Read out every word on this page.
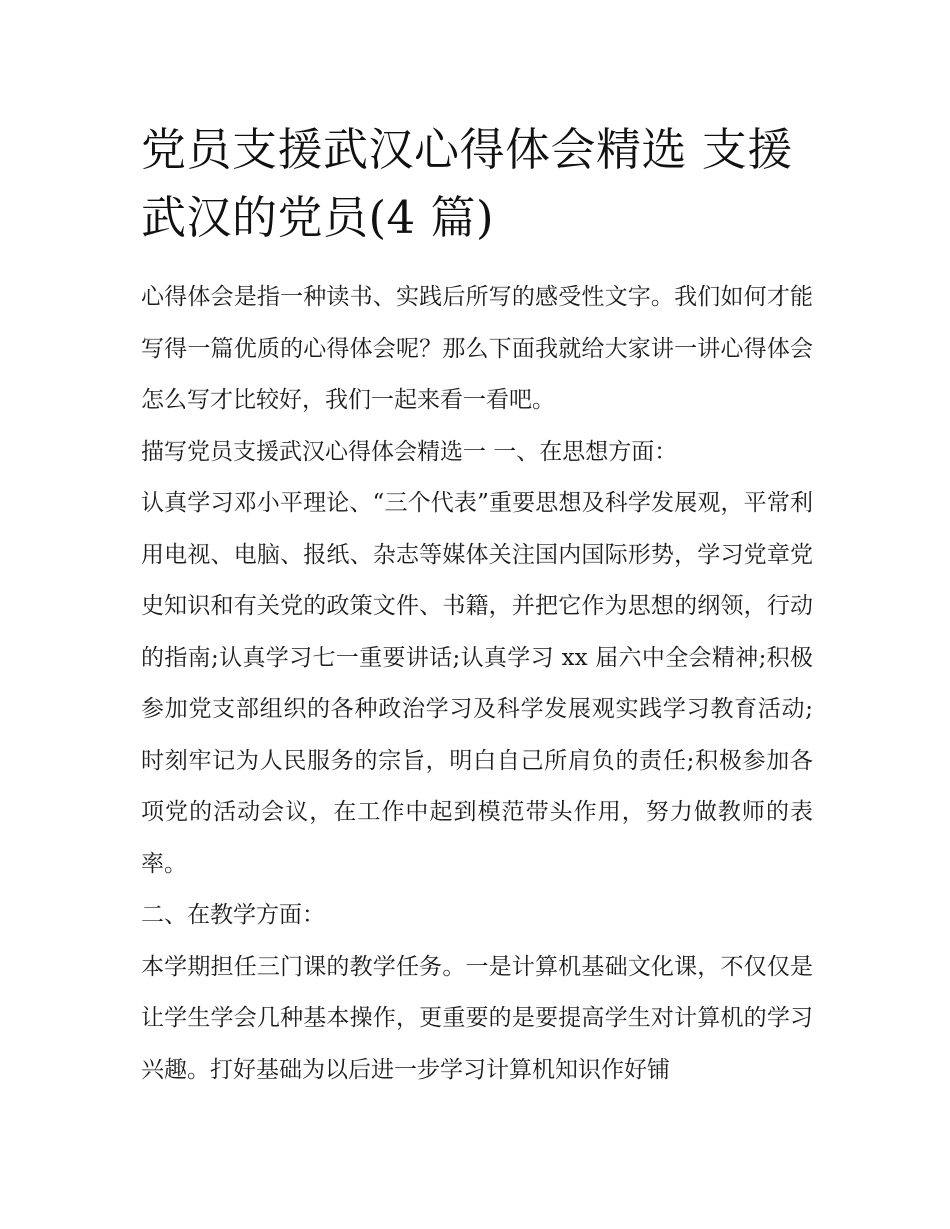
党员支援武汉心得体会精选 支援武汉的党员(4 篇)

心得体会是指一种读书、实践后所写的感受性文字。我们如何才能写得一篇优质的心得体会呢？那么下面我就给大家讲一讲心得体会怎么写才比较好，我们一起来看一看吧。

描写党员支援武汉心得体会精选一 一、在思想方面：

认真学习邓小平理论、“三个代表”重要思想及科学发展观，平常利用电视、电脑、报纸、杂志等媒体关注国内国际形势，学习党章党史知识和有关党的政策文件、书籍，并把它作为思想的纲领，行动的指南;认真学习七一重要讲话;认真学习 xx 届六中全会精神;积极参加党支部组织的各种政治学习及科学发展观实践学习教育活动;时刻牢记为人民服务的宗旨，明白自己所肩负的责任;积极参加各项党的活动会议，在工作中起到模范带头作用，努力做教师的表率。

二、在教学方面：

本学期担任三门课的教学任务。一是计算机基础文化课，不仅仅是让学生学会几种基本操作，更重要的是要提高学生对计算机的学习兴趣。打好基础为以后进一步学习计算机知识作好铺
